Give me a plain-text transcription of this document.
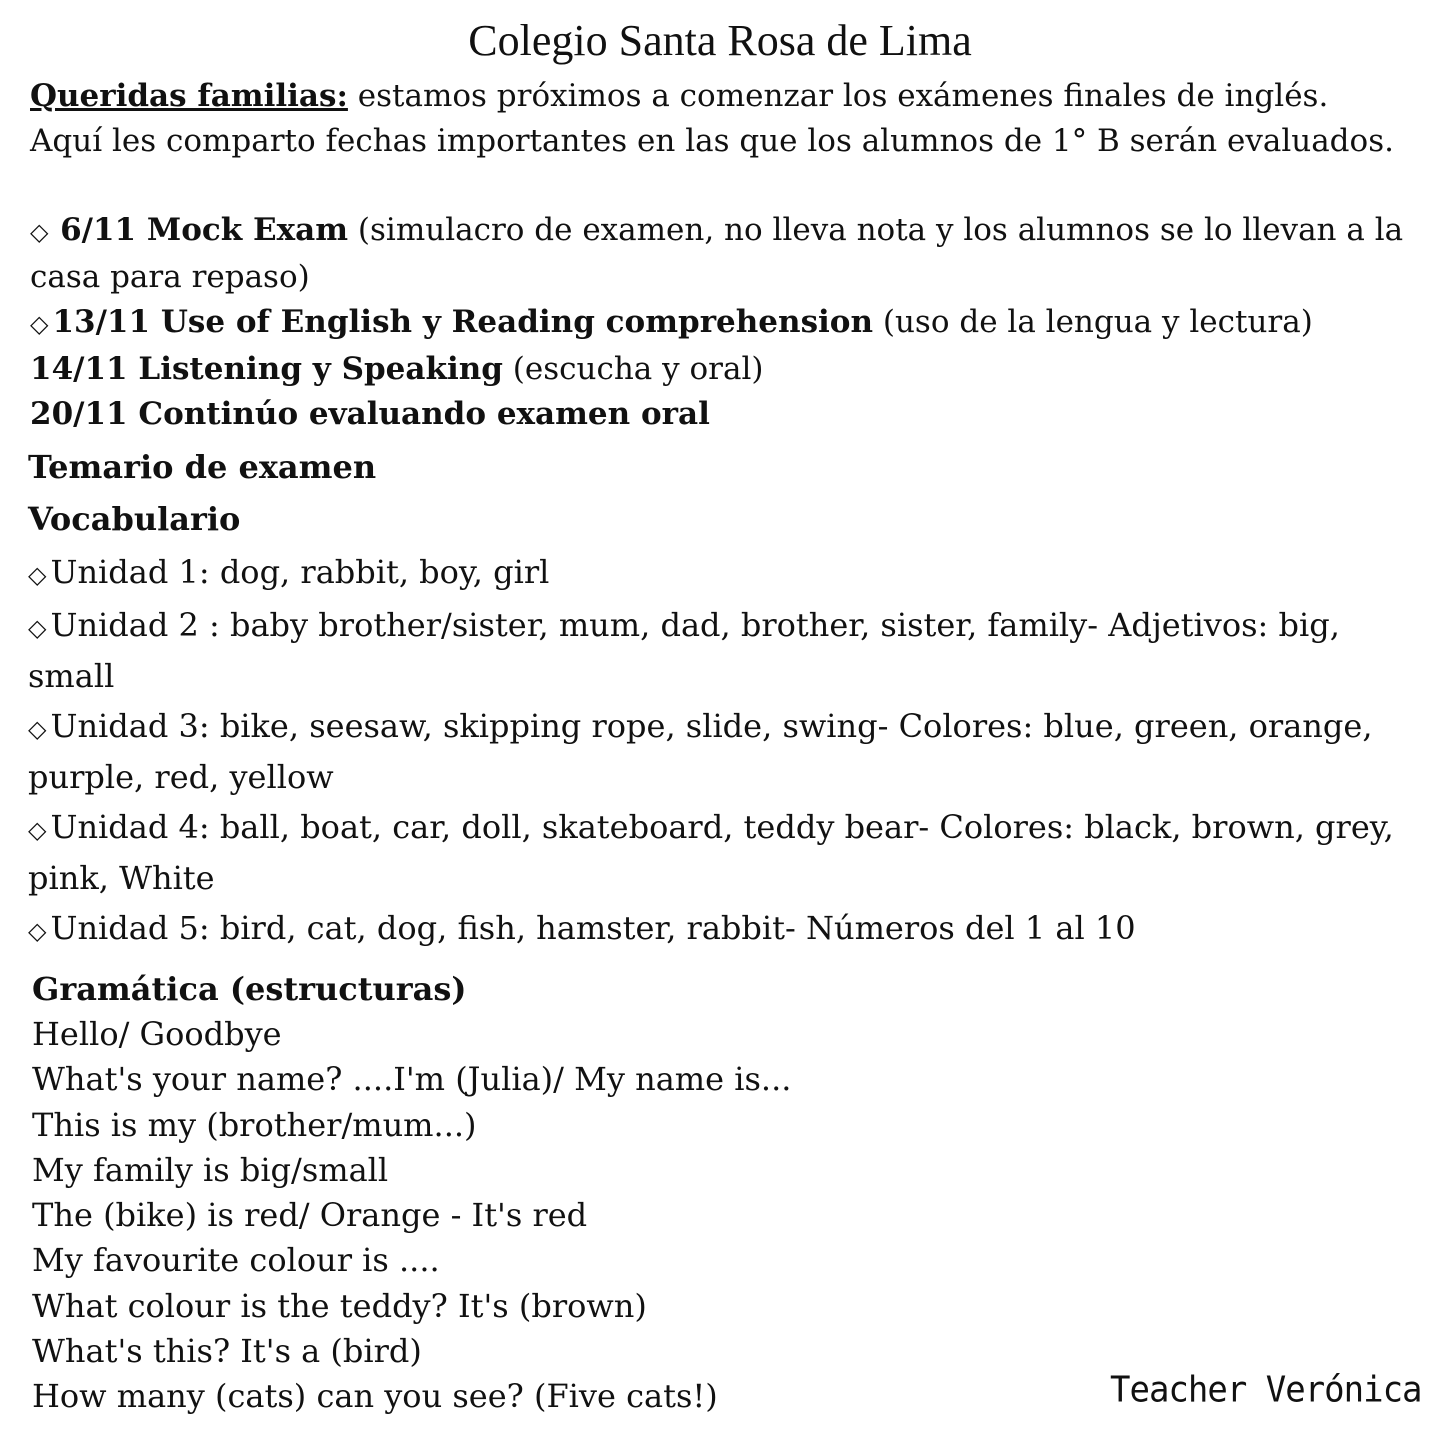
Colegio Santa Rosa de Lima
Queridas familias: estamos próximos a comenzar los exámenes finales de inglés. Aquí les comparto fechas importantes en las que los alumnos de 1° B serán evaluados.

◇ 6/11 Mock Exam (simulacro de examen, no lleva nota y los alumnos se lo llevan a la casa para repaso)

◇ 13/11 Use of English y Reading comprehension (uso de la lengua y lectura)

14/11 Listening y Speaking (escucha y oral)

20/11 Continúo evaluando examen oral

Temario de examen
Vocabulario
◇ Unidad 1: dog, rabbit, boy, girl
◇ Unidad 2 : baby brother/sister, mum, dad, brother, sister, family- Adjetivos: big, small
◇ Unidad 3: bike, seesaw, skipping rope, slide, swing- Colores: blue, green, orange, purple, red, yellow
◇ Unidad 4: ball, boat, car, doll, skateboard, teddy bear- Colores: black, brown, grey, pink, White
◇ Unidad 5: bird, cat, dog, fish, hamster, rabbit- Números del 1 al 10
Gramática (estructuras)
Hello/ Goodbye
What's your name? ....I'm (Julia)/ My name is...
This is my (brother/mum...)
My family is big/small
The (bike) is red/ Orange - It's red
My favourite colour is ....
What colour is the teddy? It's (brown)
What's this? It's a (bird)
How many (cats) can you see? (Five cats!)	Teacher Verónica
